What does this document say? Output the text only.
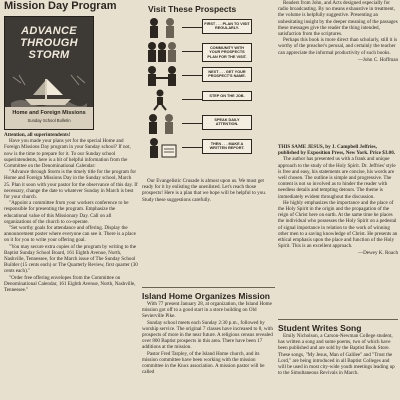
Mission Day Program
ADVANCE THROUGH STORM
Home and Foreign Missions
Sunday School Bulletin

Attention, all superintendents!

Have you made your plans yet for the special Home and Foreign Missions Day program in your Sunday school? If not, now is the time to prepare for it. To our Sunday school superintendents, here is a bit of helpful information from the Committee on the Denominational Calendar:

"Advance through Storm is the timely title for the program for Home and Foreign Missions Day in the Sunday school, March 25. Plan it soon with your pastor for the observance of this day. If necessary, change the date to whatever Sunday in March is best for your church.

"Appoint a committee from your workers conference to be responsible for presenting the program. Emphasize the educational value of this Missionary Day. Call on all organizations of the church to co-operate.

"Set worthy goals for attendance and offering. Display the announcement poster where everyone can see it. There is a place on it for you to write your offering goal.

"You may secure extra copies of the program by writing to the Baptist Sunday School Board, 161 Eighth Avenue, North, Nashville, Tennessee, for the March issue of The Sunday School Builder (15 cents each) or The Quarterly Review, first quarter (30 cents each)."

"Order free offering envelopes from the Committee on Denominational Calendar, 161 Eighth Avenue, North, Nashville, Tennessee."

Visit These Prospects
FIRST . . . PLAN TO VISIT REGULARLY.
COMMUNITY WITH YOUR PROSPECTS PLAN FOR THE VISIT.
NEXT . . . GET YOUR PROSPECT'S NAME.
STEP ON THE JOB.
SPEAK DAILY ATTENTION.
THEN . . . MAKE A WRITTEN REPORT.

Our Evangelistic Crusade is almost upon us. We must get ready for it by enlisting the unenlisted. Let's reach those prospects! Here is a plan that we hope will be helpful to you. Study these suggestions carefully.

Island Home Organizes Mission

With 77 present January 28, at organization, the Island Home mission got off to a good start in a store building on Old Sevierville Pike.

Sunday school meets each Sunday 2:30 p.m., followed by worship service. The original 7 classes have increased to 8, with prospects of more in the near future. A religious census revealed over 800 Baptist prospects in this area. There have been 17 additions at the mission.

Pastor Fred Tarpley, of the Island Home church, and its mission committee have been working with the mission committee in the Knox association. A mission pastor will be called

Readers from John, and Acts designed especially for radio broadcasting. By no means exhaustive in treatment, the volume is helpfully suggestive. Presenting an unhesitating insight by the deeper meaning of the passages these messages give the reader the thing intended, satisfaction from the scriptures.

Perhaps this book is more direct than scholarly, still it is worthy of the preacher's perusal, and certainly the teacher can appreciate the informal productivity of such books.

—John C. Hoffman

THIS SAME JESUS, by J. Campbell Jeffries, published by Exposition Press, New York. Price $3.00.

The author has presented us with a frank and unique approach to the study of the Holy Spirit. Dr. Jeffries' style is free and easy, his statements are concise, his words are well chosen. The outline is simple and progressive. The content is not so involved as to hinder the reader with needless details and tempting detours. The theme is immediately evident throughout the discussion.

He highly emphasizes the importance and the place of the Holy Spirit in the origin and the propagation of the reign of Christ here on earth. At the same time he places the individual who possesses the Holy Spirit on a pedestal of signal importance in relation to the work of winning other men to a saving knowledge of Christ. He presents an ethical emphasis upon the place and function of the Holy Spirit. This is an excellent approach.

—Dewey K. Roach
Student Writes Song

Emily Nicholson, a Carson-Newman College student, has written a song and some poems, two of which have been published and are sold by the Baptist Book Store. These songs, "My Jesus, Man of Galilee" and "Trust the Lord," are being introduced in all Baptist Colleges and will be used in most city-wide youth meetings leading up to the Simultaneous Revivals in March.
